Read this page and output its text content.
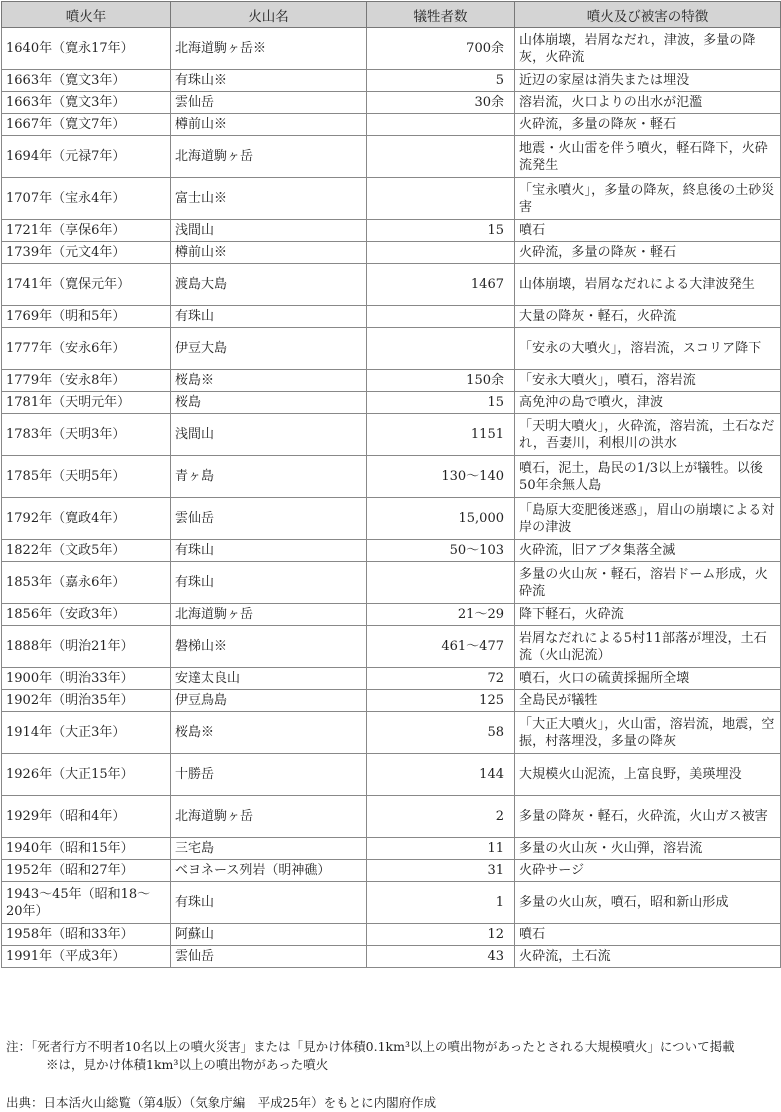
噴火年	火山名	犠牲者数	噴火及び被害の特徴
1640年（寛永17年）	北海道駒ヶ岳※	700余	山体崩壊，岩屑なだれ，津波，多量の降灰，火砕流
1663年（寛文3年）	有珠山※	5	近辺の家屋は消失または埋没
1663年（寛文3年）	雲仙岳	30余	溶岩流，火口よりの出水が氾濫
1667年（寛文7年）	樽前山※		火砕流，多量の降灰・軽石
1694年（元禄7年）	北海道駒ヶ岳		地震・火山雷を伴う噴火，軽石降下，火砕流発生
1707年（宝永4年）	富士山※		「宝永噴火」，多量の降灰，終息後の土砂災害
1721年（享保6年）	浅間山	15	噴石
1739年（元文4年）	樽前山※		火砕流，多量の降灰・軽石
1741年（寛保元年）	渡島大島	1467	山体崩壊，岩屑なだれによる大津波発生
1769年（明和5年）	有珠山		大量の降灰・軽石，火砕流
1777年（安永6年）	伊豆大島		「安永の大噴火」，溶岩流，スコリア降下
1779年（安永8年）	桜島※	150余	「安永大噴火」，噴石，溶岩流
1781年（天明元年）	桜島	15	高免沖の島で噴火，津波
1783年（天明3年）	浅間山	1151	「天明大噴火」，火砕流，溶岩流，土石なだれ，吾妻川，利根川の洪水
1785年（天明5年）	青ヶ島	130～140	噴石，泥土，島民の1/3以上が犠牲。以後50年余無人島
1792年（寛政4年）	雲仙岳	15,000	「島原大変肥後迷惑」，眉山の崩壊による対岸の津波
1822年（文政5年）	有珠山	50～103	火砕流，旧アブタ集落全滅
1853年（嘉永6年）	有珠山		多量の火山灰・軽石，溶岩ドーム形成，火砕流
1856年（安政3年）	北海道駒ヶ岳	21～29	降下軽石，火砕流
1888年（明治21年）	磐梯山※	461～477	岩屑なだれによる5村11部落が埋没，土石流（火山泥流）
1900年（明治33年）	安達太良山	72	噴石，火口の硫黄採掘所全壊
1902年（明治35年）	伊豆鳥島	125	全島民が犠牲
1914年（大正3年）	桜島※	58	「大正大噴火」，火山雷，溶岩流，地震，空振，村落埋没，多量の降灰
1926年（大正15年）	十勝岳	144	大規模火山泥流，上富良野，美瑛埋没
1929年（昭和4年）	北海道駒ヶ岳	2	多量の降灰・軽石，火砕流，火山ガス被害
1940年（昭和15年）	三宅島	11	多量の火山灰・火山弾，溶岩流
1952年（昭和27年）	ベヨネース列岩（明神礁）	31	火砕サージ
1943～45年（昭和18～20年）	有珠山	1	多量の火山灰，噴石，昭和新山形成
1958年（昭和33年）	阿蘇山	12	噴石
1991年（平成3年）	雲仙岳	43	火砕流，土石流
注：「死者行方不明者10名以上の噴火災害」または「見かけ体積0.1km³以上の噴出物があったとされる大規模噴火」について掲載
※は，見かけ体積1km³以上の噴出物があった噴火
出典：日本活火山総覧（第4版）（気象庁編　平成25年）をもとに内閣府作成
